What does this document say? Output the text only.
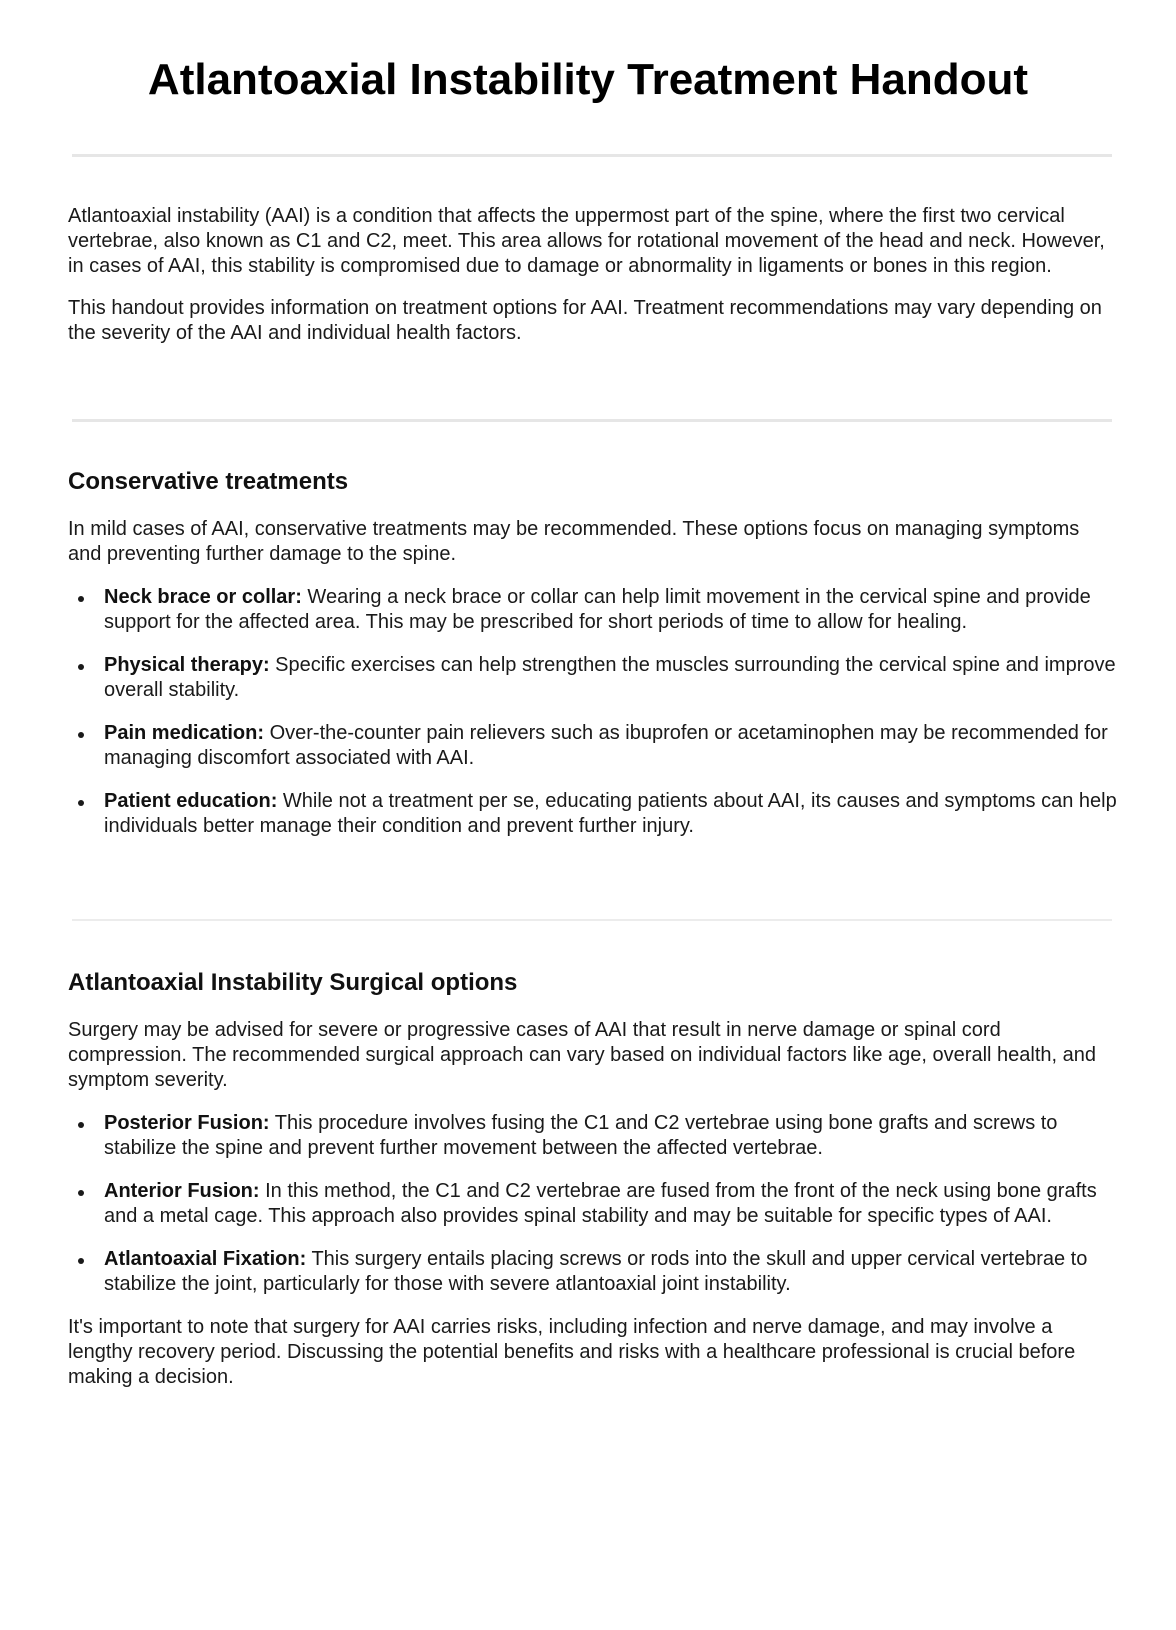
Atlantoaxial Instability Treatment Handout

Atlantoaxial instability (AAI) is a condition that affects the uppermost part of the spine, where the first two cervical vertebrae, also known as C1 and C2, meet. This area allows for rotational movement of the head and neck. However, in cases of AAI, this stability is compromised due to damage or abnormality in ligaments or bones in this region.

This handout provides information on treatment options for AAI. Treatment recommendations may vary depending on the severity of the AAI and individual health factors.

Conservative treatments

In mild cases of AAI, conservative treatments may be recommended. These options focus on managing symptoms and preventing further damage to the spine.

Neck brace or collar: Wearing a neck brace or collar can help limit movement in the cervical spine and provide support for the affected area. This may be prescribed for short periods of time to allow for healing.
Physical therapy: Specific exercises can help strengthen the muscles surrounding the cervical spine and improve overall stability.
Pain medication: Over-the-counter pain relievers such as ibuprofen or acetaminophen may be recommended for managing discomfort associated with AAI.
Patient education: While not a treatment per se, educating patients about AAI, its causes and symptoms can help individuals better manage their condition and prevent further injury.
Atlantoaxial Instability Surgical options

Surgery may be advised for severe or progressive cases of AAI that result in nerve damage or spinal cord compression. The recommended surgical approach can vary based on individual factors like age, overall health, and symptom severity.

Posterior Fusion: This procedure involves fusing the C1 and C2 vertebrae using bone grafts and screws to stabilize the spine and prevent further movement between the affected vertebrae.
Anterior Fusion: In this method, the C1 and C2 vertebrae are fused from the front of the neck using bone grafts and a metal cage. This approach also provides spinal stability and may be suitable for specific types of AAI.
Atlantoaxial Fixation: This surgery entails placing screws or rods into the skull and upper cervical vertebrae to stabilize the joint, particularly for those with severe atlantoaxial joint instability.

It's important to note that surgery for AAI carries risks, including infection and nerve damage, and may involve a lengthy recovery period. Discussing the potential benefits and risks with a healthcare professional is crucial before making a decision.
